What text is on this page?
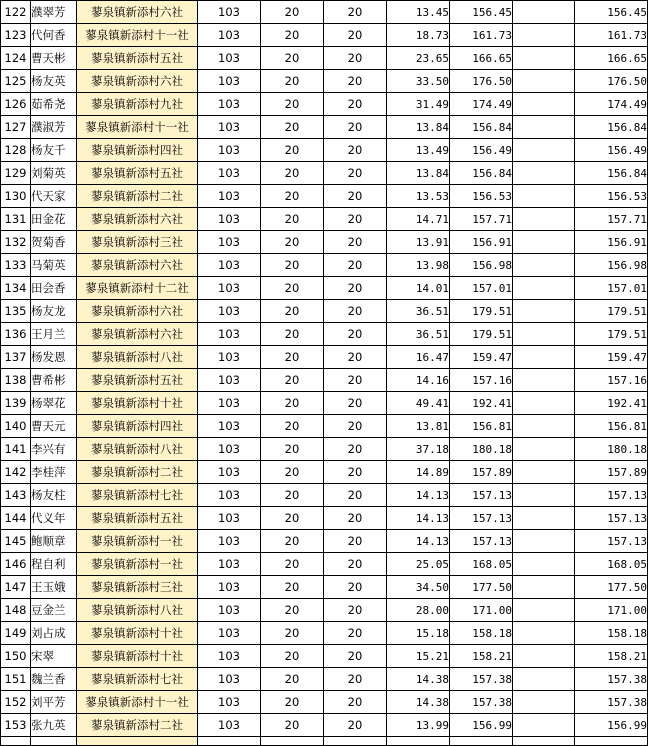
122	濮翠芳	蓼泉镇新添村六社	103	20	20	13.45	156.45		156.45
123	代何香	蓼泉镇新添村十一社	103	20	20	18.73	161.73		161.73
124	曹天彬	蓼泉镇新添村五社	103	20	20	23.65	166.65		166.65
125	杨友英	蓼泉镇新添村六社	103	20	20	33.50	176.50		176.50
126	茹希尧	蓼泉镇新添村九社	103	20	20	31.49	174.49		174.49
127	濮淑芳	蓼泉镇新添村十一社	103	20	20	13.84	156.84		156.84
128	杨友千	蓼泉镇新添村四社	103	20	20	13.49	156.49		156.49
129	刘菊英	蓼泉镇新添村五社	103	20	20	13.84	156.84		156.84
130	代天家	蓼泉镇新添村二社	103	20	20	13.53	156.53		156.53
131	田金花	蓼泉镇新添村六社	103	20	20	14.71	157.71		157.71
132	贺菊香	蓼泉镇新添村三社	103	20	20	13.91	156.91		156.91
133	马菊英	蓼泉镇新添村六社	103	20	20	13.98	156.98		156.98
134	田会香	蓼泉镇新添村十二社	103	20	20	14.01	157.01		157.01
135	杨友龙	蓼泉镇新添村六社	103	20	20	36.51	179.51		179.51
136	王月兰	蓼泉镇新添村六社	103	20	20	36.51	179.51		179.51
137	杨发恩	蓼泉镇新添村八社	103	20	20	16.47	159.47		159.47
138	曹希彬	蓼泉镇新添村五社	103	20	20	14.16	157.16		157.16
139	杨翠花	蓼泉镇新添村十社	103	20	20	49.41	192.41		192.41
140	曹天元	蓼泉镇新添村四社	103	20	20	13.81	156.81		156.81
141	李兴有	蓼泉镇新添村八社	103	20	20	37.18	180.18		180.18
142	李桂萍	蓼泉镇新添村二社	103	20	20	14.89	157.89		157.89
143	杨友柱	蓼泉镇新添村七社	103	20	20	14.13	157.13		157.13
144	代义年	蓼泉镇新添村五社	103	20	20	14.13	157.13		157.13
145	鲍顺章	蓼泉镇新添村一社	103	20	20	14.13	157.13		157.13
146	程自利	蓼泉镇新添村一社	103	20	20	25.05	168.05		168.05
147	王玉娥	蓼泉镇新添村三社	103	20	20	34.50	177.50		177.50
148	豆金兰	蓼泉镇新添村八社	103	20	20	28.00	171.00		171.00
149	刘占成	蓼泉镇新添村十社	103	20	20	15.18	158.18		158.18
150	宋翠	蓼泉镇新添村十社	103	20	20	15.21	158.21		158.21
151	魏兰香	蓼泉镇新添村七社	103	20	20	14.38	157.38		157.38
152	刘平芳	蓼泉镇新添村十一社	103	20	20	14.38	157.38		157.38
153	张九英	蓼泉镇新添村二社	103	20	20	13.99	156.99		156.99
